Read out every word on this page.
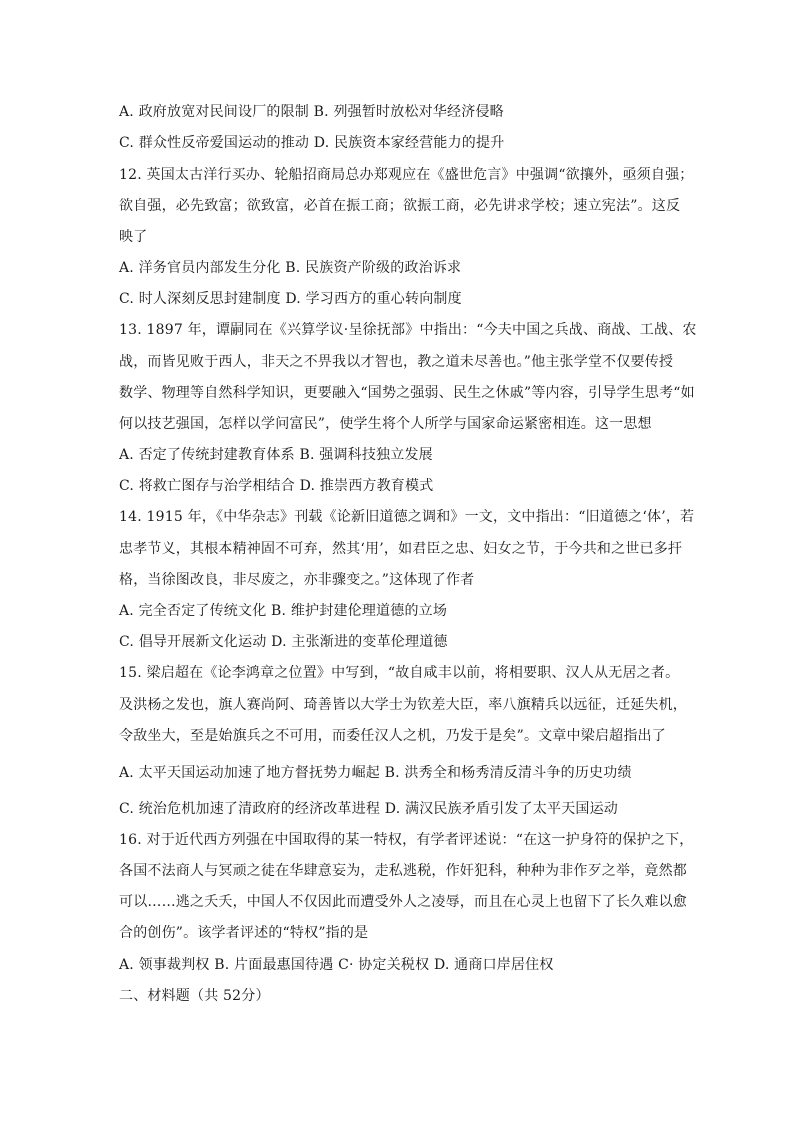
A. 政府放宽对民间设厂的限制 B. 列强暂时放松对华经济侵略
C. 群众性反帝爱国运动的推动 D. 民族资本家经营能力的提升
12. 英国太古洋行买办、轮船招商局总办郑观应在《盛世危言》中强调“欲攘外，亟须自强；
欲自强，必先致富；欲致富，必首在振工商；欲振工商，必先讲求学校；速立宪法”。这反
映了
A. 洋务官员内部发生分化 B. 民族资产阶级的政治诉求
C. 时人深刻反思封建制度 D. 学习西方的重心转向制度
13. 1897 年，谭嗣同在《兴算学议·呈徐抚部》中指出：“今夫中国之兵战、商战、工战、农
战，而皆见败于西人，非天之不畀我以才智也，教之道未尽善也。”他主张学堂不仅要传授
数学、物理等自然科学知识，更要融入“国势之强弱、民生之休戚”等内容，引导学生思考“如
何以技艺强国，怎样以学问富民”，使学生将个人所学与国家命运紧密相连。这一思想
A. 否定了传统封建教育体系 B. 强调科技独立发展
C. 将救亡图存与治学相结合 D. 推崇西方教育模式
14. 1915 年，《中华杂志》刊载《论新旧道德之调和》一文，文中指出：“旧道德之‘体’，若
忠孝节义，其根本精神固不可弃，然其‘用’，如君臣之忠、妇女之节，于今共和之世已多扞
格，当徐图改良，非尽废之，亦非骤变之。”这体现了作者
A. 完全否定了传统文化 B. 维护封建伦理道德的立场
C. 倡导开展新文化运动 D. 主张渐进的变革伦理道德
15. 梁启超在《论李鸿章之位置》中写到，“故自咸丰以前，将相要职、汉人从无居之者。
及洪杨之发也，旗人赛尚阿、琦善皆以大学士为钦差大臣，率八旗精兵以远征，迁延失机，
令敌坐大，至是始旗兵之不可用，而委任汉人之机，乃发于是矣”。文章中梁启超指出了
A. 太平天国运动加速了地方督抚势力崛起 B. 洪秀全和杨秀清反清斗争的历史功绩
C. 统治危机加速了清政府的经济改革进程 D. 满汉民族矛盾引发了太平天国运动
16. 对于近代西方列强在中国取得的某一特权，有学者评述说：“在这一护身符的保护之下，
各国不法商人与冥顽之徒在华肆意妄为，走私逃税，作奸犯科，种种为非作歹之举，竟然都
可以……逃之夭夭，中国人不仅因此而遭受外人之凌辱，而且在心灵上也留下了长久难以愈
合的创伤”。该学者评述的“特权”指的是
A. 领事裁判权 B. 片面最惠国待遇 C· 协定关税权 D. 通商口岸居住权
二、材料题（共 52分）
